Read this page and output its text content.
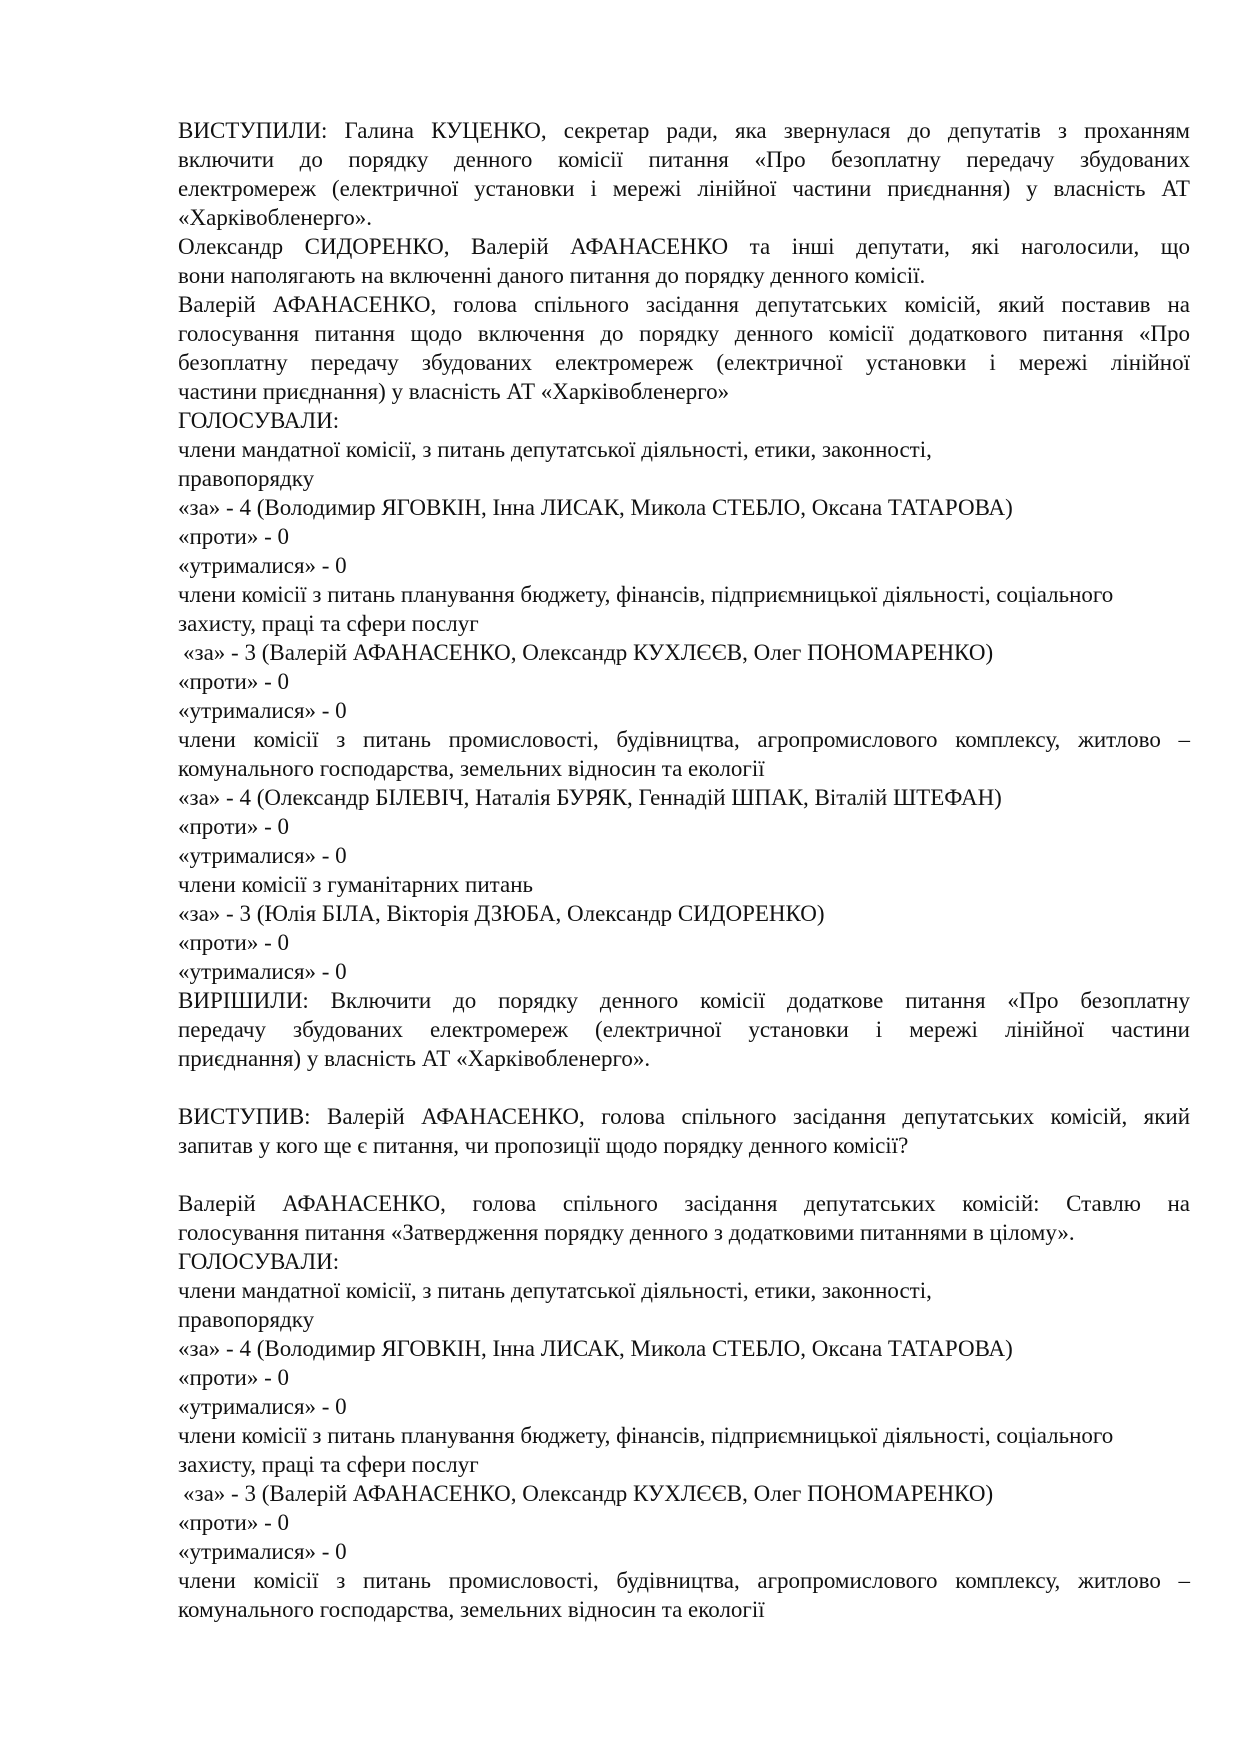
ВИСТУПИЛИ: Галина КУЦЕНКО, секретар ради, яка звернулася до депутатів з проханням
включити до порядку денного комісії питання «Про безоплатну передачу збудованих
електромереж (електричної установки і мережі лінійної частини приєднання) у власність АТ
«Харківобленерго».
Олександр СИДОРЕНКО, Валерій АФАНАСЕНКО та інші депутати, які наголосили, що
вони наполягають на включенні даного питання до порядку денного комісії.
Валерій АФАНАСЕНКО, голова спільного засідання депутатських комісій, який поставив на
голосування питання щодо включення до порядку денного комісії додаткового питання «Про
безоплатну передачу збудованих електромереж (електричної установки і мережі лінійної
частини приєднання) у власність АТ «Харківобленерго»
ГОЛОСУВАЛИ:
члени мандатної комісії, з питань депутатської діяльності, етики, законності,
правопорядку
«за» - 4 (Володимир ЯГОВКІН, Інна ЛИСАК, Микола СТЕБЛО, Оксана ТАТАРОВА)
«проти» - 0
«утрималися» - 0
члени комісії з питань планування бюджету, фінансів, підприємницької діяльності, соціального
захисту, праці та сфери послуг
«за» - 3 (Валерій АФАНАСЕНКО, Олександр КУХЛЄЄВ, Олег ПОНОМАРЕНКО)
«проти» - 0
«утрималися» - 0
члени комісії з питань промисловості, будівництва, агропромислового комплексу, житлово –
комунального господарства, земельних відносин та екології
«за» - 4 (Олександр БІЛЕВІЧ, Наталія БУРЯК, Геннадій ШПАК, Віталій ШТЕФАН)
«проти» - 0
«утрималися» - 0
члени комісії з гуманітарних питань
«за» - 3 (Юлія БІЛА, Вікторія ДЗЮБА, Олександр СИДОРЕНКО)
«проти» - 0
«утрималися» - 0
ВИРІШИЛИ: Включити до порядку денного комісії додаткове питання «Про безоплатну
передачу збудованих електромереж (електричної установки і мережі лінійної частини
приєднання) у власність АТ «Харківобленерго».
ВИСТУПИВ: Валерій АФАНАСЕНКО, голова спільного засідання депутатських комісій, який
запитав у кого ще є питання, чи пропозиції щодо порядку денного комісії?
Валерій АФАНАСЕНКО, голова спільного засідання депутатських комісій: Ставлю на
голосування питання «Затвердження порядку денного з додатковими питаннями в цілому».
ГОЛОСУВАЛИ:
члени мандатної комісії, з питань депутатської діяльності, етики, законності,
правопорядку
«за» - 4 (Володимир ЯГОВКІН, Інна ЛИСАК, Микола СТЕБЛО, Оксана ТАТАРОВА)
«проти» - 0
«утрималися» - 0
члени комісії з питань планування бюджету, фінансів, підприємницької діяльності, соціального
захисту, праці та сфери послуг
«за» - 3 (Валерій АФАНАСЕНКО, Олександр КУХЛЄЄВ, Олег ПОНОМАРЕНКО)
«проти» - 0
«утрималися» - 0
члени комісії з питань промисловості, будівництва, агропромислового комплексу, житлово –
комунального господарства, земельних відносин та екології
